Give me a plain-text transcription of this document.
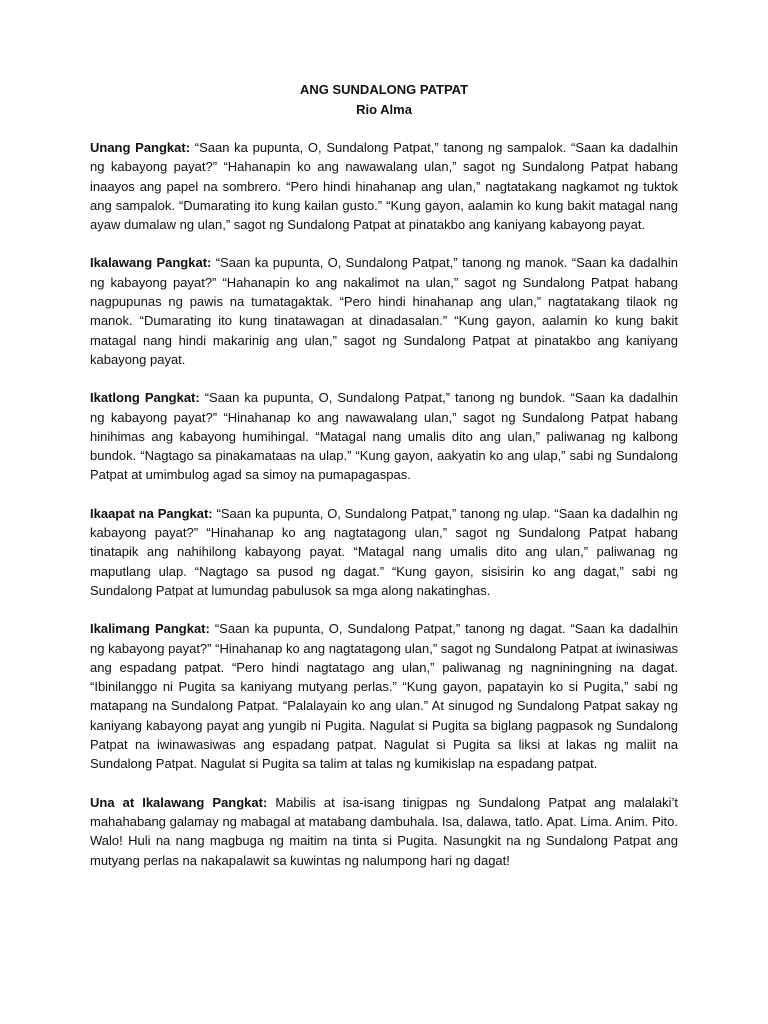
ANG SUNDALONG PATPAT
Rio Alma

Unang Pangkat: “Saan ka pupunta, O, Sundalong Patpat,” tanong ng sampalok. “Saan ka dadalhin ng kabayong payat?” “Hahanapin ko ang nawawalang ulan,” sagot ng Sundalong Patpat habang inaayos ang papel na sombrero. “Pero hindi hinahanap ang ulan,” nagtatakang nagkamot ng tuktok ang sampalok. “Dumarating ito kung kailan gusto.” “Kung gayon, aalamin ko kung bakit matagal nang ayaw dumalaw ng ulan,” sagot ng Sundalong Patpat at pinatakbo ang kaniyang kabayong payat.

Ikalawang Pangkat: “Saan ka pupunta, O, Sundalong Patpat,” tanong ng manok. “Saan ka dadalhin ng kabayong payat?” “Hahanapin ko ang nakalimot na ulan,” sagot ng Sundalong Patpat habang nagpupunas ng pawis na tumatagaktak. “Pero hindi hinahanap ang ulan,” nagtatakang tilaok ng manok. “Dumarating ito kung tinatawagan at dinadasalan.” “Kung gayon, aalamin ko kung bakit matagal nang hindi makarinig ang ulan,” sagot ng Sundalong Patpat at pinatakbo ang kaniyang kabayong payat.

Ikatlong Pangkat: “Saan ka pupunta, O, Sundalong Patpat,” tanong ng bundok. “Saan ka dadalhin ng kabayong payat?” “Hinahanap ko ang nawawalang ulan,” sagot ng Sundalong Patpat habang hinihimas ang kabayong humihingal. “Matagal nang umalis dito ang ulan,” paliwanag ng kalbong bundok. “Nagtago sa pinakamataas na ulap.” “Kung gayon, aakyatin ko ang ulap,” sabi ng Sundalong Patpat at umimbulog agad sa simoy na pumapagaspas.

Ikaapat na Pangkat: “Saan ka pupunta, O, Sundalong Patpat,” tanong ng ulap. “Saan ka dadalhin ng kabayong payat?” “Hinahanap ko ang nagtatagong ulan,” sagot ng Sundalong Patpat habang tinatapik ang nahihilong kabayong payat. “Matagal nang umalis dito ang ulan,” paliwanag ng maputlang ulap. “Nagtago sa pusod ng dagat.” “Kung gayon, sisisirin ko ang dagat,” sabi ng Sundalong Patpat at lumundag pabulusok sa mga along nakatinghas.

Ikalimang Pangkat: “Saan ka pupunta, O, Sundalong Patpat,” tanong ng dagat. “Saan ka dadalhin ng kabayong payat?” “Hinahanap ko ang nagtatagong ulan,” sagot ng Sundalong Patpat at iwinasiwas ang espadang patpat. “Pero hindi nagtatago ang ulan,” paliwanag ng nagniningning na dagat. “Ibinilanggo ni Pugita sa kaniyang mutyang perlas.” “Kung gayon, papatayin ko si Pugita,” sabi ng matapang na Sundalong Patpat. “Palalayain ko ang ulan.” At sinugod ng Sundalong Patpat sakay ng kaniyang kabayong payat ang yungib ni Pugita. Nagulat si Pugita sa biglang pagpasok ng Sundalong Patpat na iwinawasiwas ang espadang patpat. Nagulat si Pugita sa liksi at lakas ng maliit na Sundalong Patpat. Nagulat si Pugita sa talim at talas ng kumikislap na espadang patpat.

Una at Ikalawang Pangkat: Mabilis at isa-isang tinigpas ng Sundalong Patpat ang malalaki’t mahahabang galamay ng mabagal at matabang dambuhala. Isa, dalawa, tatlo. Apat. Lima. Anim. Pito. Walo! Huli na nang magbuga ng maitim na tinta si Pugita. Nasungkit na ng Sundalong Patpat ang mutyang perlas na nakapalawit sa kuwintas ng nalumpong hari ng dagat!
